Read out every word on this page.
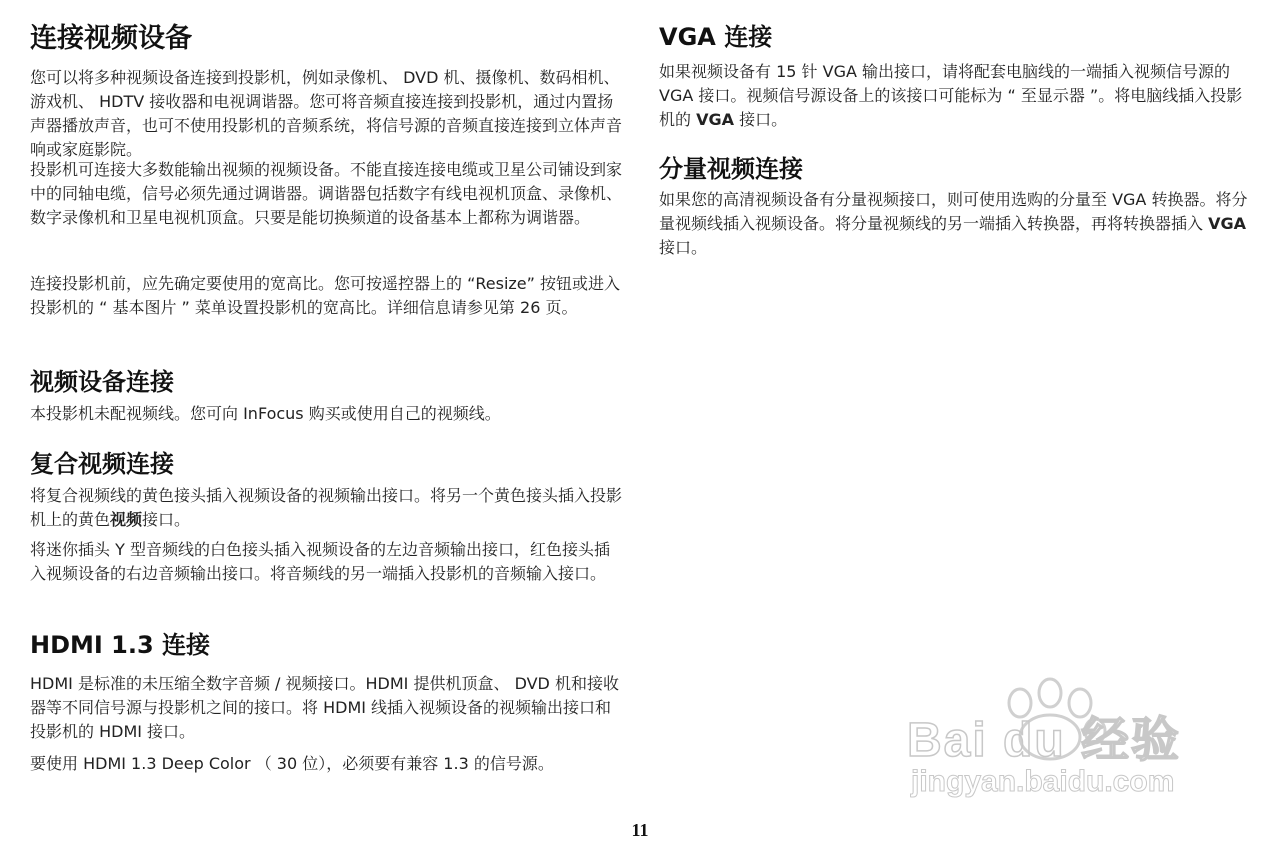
连接视频设备

您可以将多种视频设备连接到投影机，例如录像机、 DVD 机、摄像机、数码相机、游戏机、 HDTV 接收器和电视调谐器。您可将音频直接连接到投影机，通过内置扬声器播放声音，也可不使用投影机的音频系统，将信号源的音频直接连接到立体声音响或家庭影院。

投影机可连接大多数能输出视频的视频设备。不能直接连接电缆或卫星公司铺设到家中的同轴电缆，信号必须先通过调谐器。调谐器包括数字有线电视机顶盒、录像机、数字录像机和卫星电视机顶盒。只要是能切换频道的设备基本上都称为调谐器。

连接投影机前，应先确定要使用的宽高比。您可按遥控器上的 “Resize” 按钮或进入投影机的 “ 基本图片 ” 菜单设置投影机的宽高比。详细信息请参见第 26 页。

视频设备连接

本投影机未配视频线。您可向 InFocus 购买或使用自己的视频线。

复合视频连接

将复合视频线的黄色接头插入视频设备的视频输出接口。将另一个黄色接头插入投影机上的黄色视频接口。

将迷你插头 Y 型音频线的白色接头插入视频设备的左边音频输出接口，红色接头插入视频设备的右边音频输出接口。将音频线的另一端插入投影机的音频输入接口。

HDMI 1.3 连接

HDMI 是标准的未压缩全数字音频 / 视频接口。HDMI 提供机顶盒、 DVD 机和接收器等不同信号源与投影机之间的接口。将 HDMI 线插入视频设备的视频输出接口和投影机的 HDMI 接口。

要使用 HDMI 1.3 Deep Color （ 30 位），必须要有兼容 1.3 的信号源。

VGA 连接

如果视频设备有 15 针 VGA 输出接口，请将配套电脑线的一端插入视频信号源的 VGA 接口。视频信号源设备上的该接口可能标为 “ 至显示器 ”。将电脑线插入投影机的 VGA 接口。

分量视频连接

如果您的高清视频设备有分量视频接口，则可使用选购的分量至 VGA 转换器。将分量视频线插入视频设备。将分量视频线的另一端插入转换器，再将转换器插入 VGA 接口。

Bai du 经验
jingyan.baidu.com
11
